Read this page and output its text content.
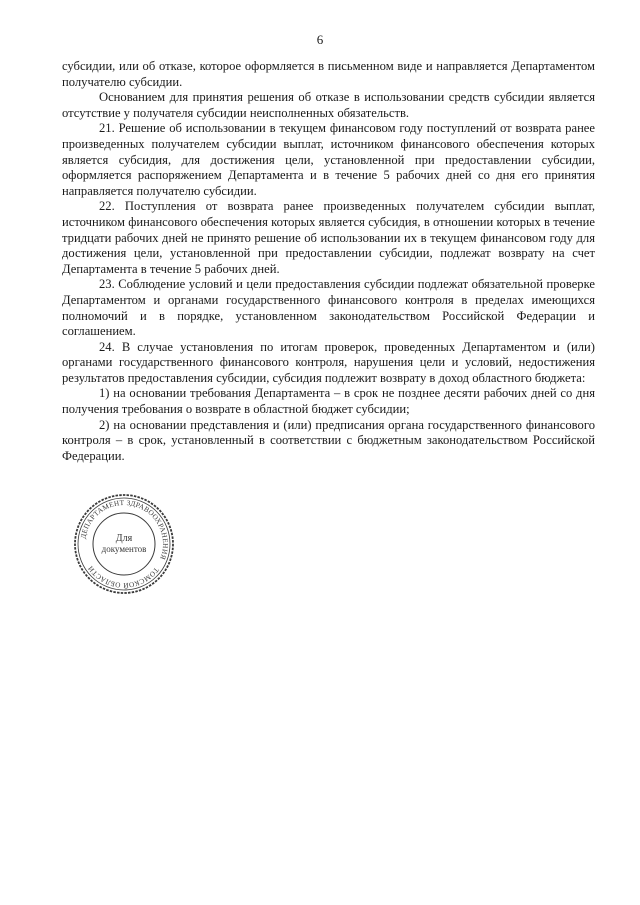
6

субсидии, или об отказе, которое оформляется в письменном виде и направляется Департаментом получателю субсидии.

Основанием для принятия решения об отказе в использовании средств субсидии является отсутствие у получателя субсидии неисполненных обязательств.

21. Решение об использовании в текущем финансовом году поступлений от возврата ранее произведенных получателем субсидии выплат, источником финансового обеспечения которых является субсидия, для достижения цели, установленной при предоставлении субсидии, оформляется распоряжением Департамента и в течение 5 рабочих дней со дня его принятия направляется получателю субсидии.

22. Поступления от возврата ранее произведенных получателем субсидии выплат, источником финансового обеспечения которых является субсидия, в отношении которых в течение тридцати рабочих дней не принято решение об использовании их в текущем финансовом году для достижения цели, установленной при предоставлении субсидии, подлежат возврату на счет Департамента в течение 5 рабочих дней.

23. Соблюдение условий и цели предоставления субсидии подлежат обязательной проверке Департаментом и органами государственного финансового контроля в пределах имеющихся полномочий и в порядке, установленном законодательством Российской Федерации и соглашением.

24. В случае установления по итогам проверок, проведенных Департаментом и (или) органами государственного финансового контроля, нарушения цели и условий, недостижения результатов предоставления субсидии, субсидия подлежит возврату в доход областного бюджета:

1) на основании требования Департамента – в срок не позднее десяти рабочих дней со дня получения требования о возврате в областной бюджет субсидии;

2) на основании представления и (или) предписания органа государственного финансового контроля – в срок, установленный в соответствии с бюджетным законодательством Российской Федерации.

ДЕПАРТАМЕНТ ЗДРАВООХРАНЕНИЯ
ТОМСКОЙ ОБЛАСТИ
Для
документов
